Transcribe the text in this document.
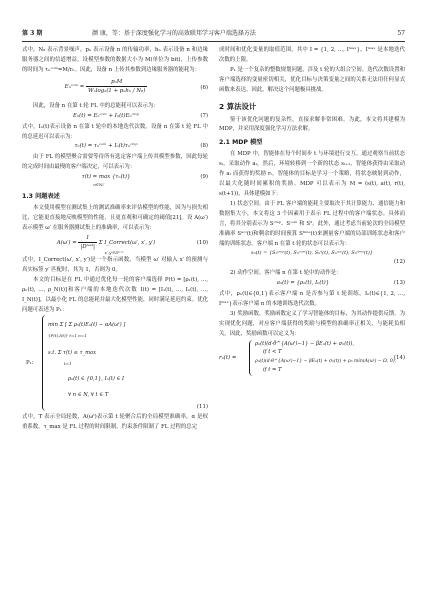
第 3 期	颜 康，等：基于深度强化学习的高效联邦学习客户端选择方法	57

式中，N₀ 表示背景噪声，pₙ 表示设备 n 的传输功率，hₙ 表示设备 n 和边缘服务器之间的信道增益。设模型参数的数据大小为 M(单位为 bit)，上传参数的时间为 τₙᶜᵒᵐ=M/rₙ。因此，设备 n 上传其参数到边缘服务器的能耗为：

Eₙᶜᵒᵐ = $\frac{\text{pₙM}}{\text{Wₙlog₂(1 + pₙhₙ / N₀)}}$	(6)

因此，设备 n 在第 t 轮 FL 中的总能耗可以表示为：

Eₙ(t) = Eₙᶜᵒᵐ + Iₙ(t)Eₙᶜᵐᵖ	(7)

式中，Iₙ(t)表示设备 n 在第 t 轮中的本地迭代次数。设备 n 在第 t 轮 FL 中的总延迟可以表示为：

τₙ(t) = τₙᶜᵒᵐ + Iₙ(t)τₙᶜᵐᵖ	(8)

由于 FL 的模型聚合需要等待所有选定客户端上传其模型参数，因此每轮的完成时间由最慢的客户端决定，可以表示为：

τ(t) = max {τₙ(t)}
n∈Nₜᶜ
(9)
1.3 问题表述

本文使用模型在测试集上的测试准确率来评估模型的性能，因为与损失相比，它能更直接地反映模型的性能，且更直观和可确定的阈值[21]。设 A(ω′)表示模型 ω′ 在服务器测试集上的准确率，可以表示为：

$A(\omega') = \frac{1}{\text{|Dᵗᵉˢᵗ|}}$ Σ I_Correct(ω′, x′, y′)
x′,y′∈Dᵗᵉˢᵗ
(10)

式中，I_Correct(ω′, x′, y′)是一个指示函数，当模型 ω′ 对输入 x′ 的预测与真实标签 y′ 匹配时，其为 1，否则为 0。

本文的目标是在 FL 中通过优化每一轮的客户端选择 P(t) = [ρ₁(t), …, ρₙ(t), …, ρ_N(t)]和客户端的本地迭代次数 I(t) = [I₁(t), …, Iₙ(t), …, I_N(t)]，以最小化 FL 的总能耗并最大化模型性能，同时满足延迟约束。优化问题可表述为 P₁：

P₁:
min Σ [ Σ ρₙ(t)Eₙ(t) − αA(ωᵗ) ]
{P(t),I(t)} t=1 n=1
s.t. Σ τ(t) ≤ τ_max
t=1
ρₙ(t) ∈ {0,1}, Iₙ(t) ∈ I
∀ n ∈ N, ∀ t ∈ T
(11)

式中，T 表示全局轮数，A(ωᵗ)表示第 t 轮聚合后的全局模型准确率，α 是权重系数，τ_max 是 FL 过程的时间限制。约束条件限制了 FL 过程的总完

成时间和优化变量的取值范围，其中 I = {1, 2, …, Iᵐᵃˣ}，Iᵐᵃˣ 是本地迭代次数的上限。

P₁ 是一个复杂的整数规划问题，涉及 t 轮的大组合空间。迭代次数设置和客户端选择的变量密切相关，优化目标与决策变量之间的关系无法用任何显式函数来表达。因此，解决这个问题极具挑战。

2 算法设计

鉴于该优化问题的复杂性，直接求解非常困难。为此，本文将其建模为 MDP，并采用深度强化学习方法求解。

2.1 MDP 模型

在 MDP 中，智能体在每个时间步 t 与环境进行交互，通过观察当前状态 sₜ，采取动作 aₜ，然后，环境转移到一个新的状态 sₜ₊₁，智能体获得由采取动作 aₜ 而获得的奖励 rₜ。智能体的目标是学习一个策略，将状态映射到动作，以最大化随时间累积的奖励。MDP 可以表示为 M = (s(t), a(t), r(t), s(t+1))，具体建模如下：

1) 状态空间。由于 FL 客户端的能耗主要取决于其计算能力、通信能力和数据集大小，本文将这 3 个因素用于表示 FL 过程中的客户端状态。具体而言，将其分别表示为 Sᶜᵐᵖ、Sᶜᵒᵐ 和 Sᵈ。此外，通过考虑当前轮次的全局模型准确率 Sᵃᶜᶜ(t)和剩余的时间预算 Sᵗⁱᵐᵉ(t)来测量客户端的局部训练状态和客户端的训练状态。客户端 n 在第 t 轮的状态可以表示为：

sₙ(t) = {Sₙᶜᵐᵖ(t), Sₙᶜᵒᵐ(t), Sₙᵈ(t), Sₙᵃᶜᶜ(t), Sₙᵗⁱᵐᵉ(t)}
(12)

2) 动作空间。客户端 n 在第 t 轮中的动作是：

aₙ(t) = {ρₙ(t), Iₙ(t)}	(13)

式中，ρₙ(t)∈{0,1}表示客户端 n 是否参与第 t 轮训练，Iₙ(t)∈{1, 2, …, Iᵐᵃˣ}表示客户端 n 的本地训练迭代次数。

3) 奖励函数。奖励函数定义了学习智能体的目标，为其动作提供反馈。为实现优化问题，对应客户端获得的奖励与模型的准确率正相关，与能耗负相关。因此，奖励函数可以定义为：

rₙ(t) =
ρₙ(t)(d·θ^{A(ωᵗ)−1} − βEₙ(t) + σₙ(t)),
if t < T
ρₙ(t)(d·θ^{A(ωᵗ)−1} − βEₙ(t) + σₙ(t)) + ρₙ min(A(ωᵗ) − Ω, 0),
if t = T
(14)
